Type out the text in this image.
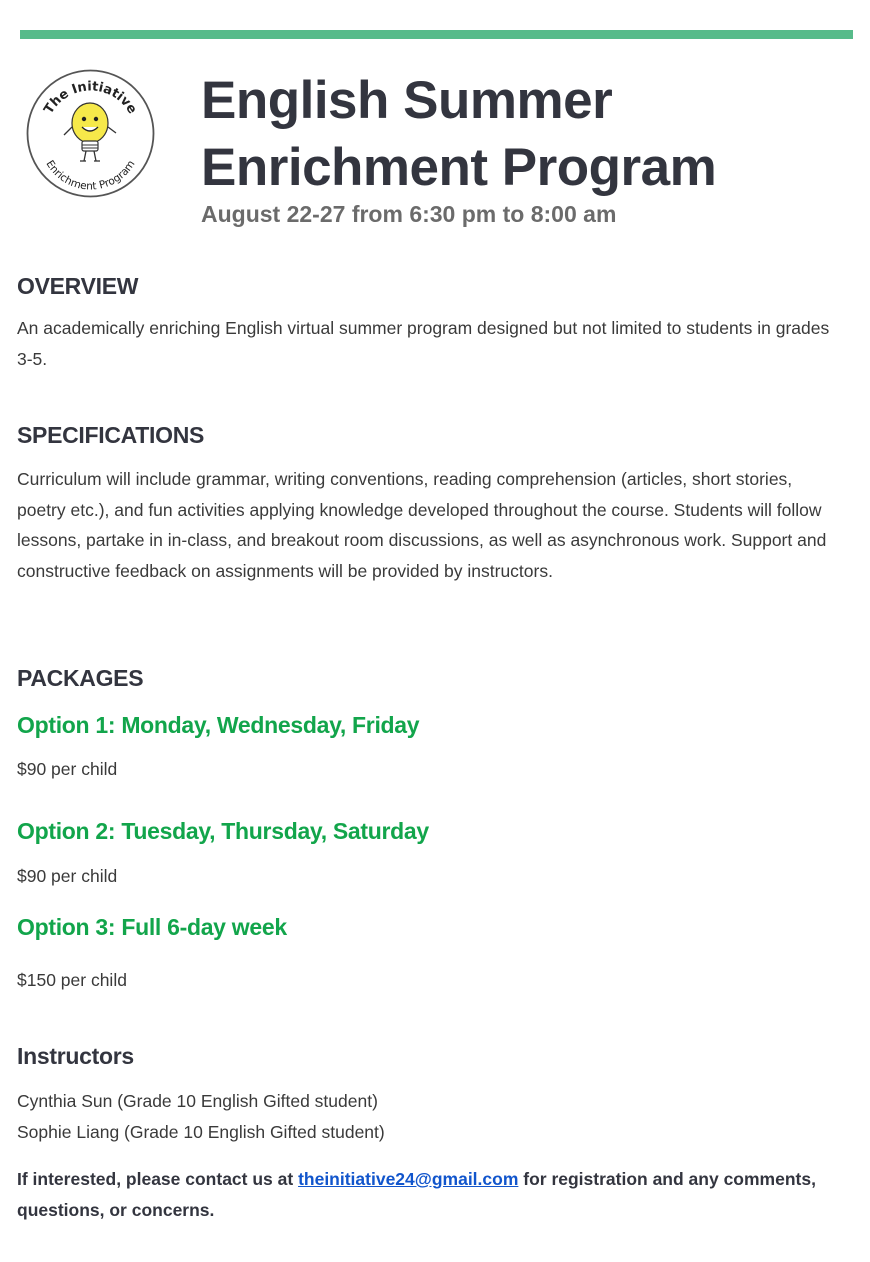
The Initiative
Enrichment Program
English Summer
Enrichment Program
August 22-27 from 6:30 pm to 8:00 am
OVERVIEW
An academically enriching English virtual summer program designed but not limited to students in grades 3-5.
SPECIFICATIONS
Curriculum will include grammar, writing conventions, reading comprehension (articles, short stories, poetry etc.), and fun activities applying knowledge developed throughout the course. Students will follow lessons, partake in in-class, and breakout room discussions, as well as asynchronous work. Support and constructive feedback on assignments will be provided by instructors.
PACKAGES
Option 1: Monday, Wednesday, Friday
$90 per child
Option 2: Tuesday, Thursday, Saturday
$90 per child
Option 3: Full 6-day week
$150 per child
Instructors
Cynthia Sun (Grade 10 English Gifted student)
Sophie Liang (Grade 10 English Gifted student)
If interested, please contact us at theinitiative24@gmail.com for registration and any comments, questions, or concerns.
